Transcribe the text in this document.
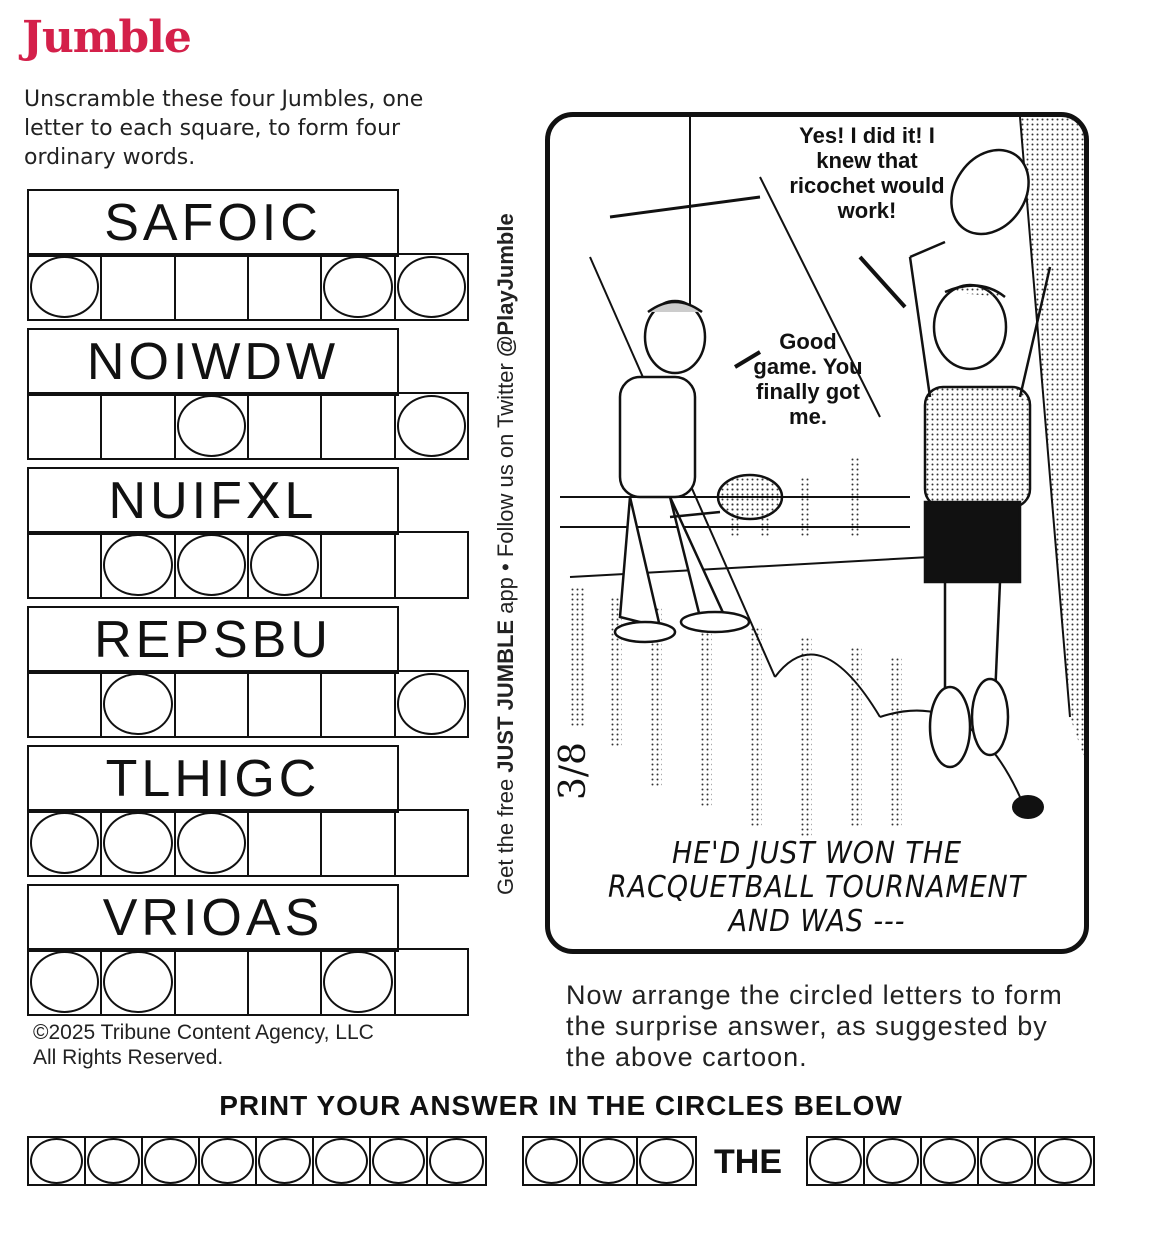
Jumble
Unscramble these four Jumbles, one letter to each square, to form four ordinary words.
SAFOIC
NOIWDW
NUIFXL
REPSBU
TLHIGC
VRIOAS
Get the free JUST JUMBLE app • Follow us on Twitter @PlayJumble
3/8
Yes! I did it! I knew that ricochet would work!
Good game. You finally got me.
HE'D JUST WON THE RACQUETBALL TOURNAMENT AND WAS ---
©2025 Tribune Content Agency, LLC
All Rights Reserved.
Now arrange the circled letters to form the surprise answer, as suggested by the above cartoon.
PRINT YOUR ANSWER IN THE CIRCLES BELOW
THE
